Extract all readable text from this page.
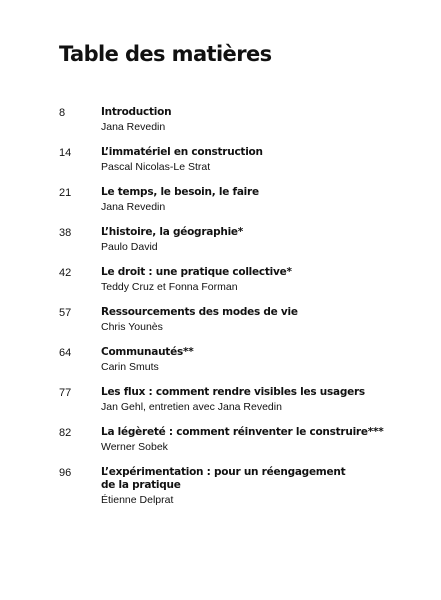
Table des matières
8	Introduction
Jana Revedin
14	L’immatériel en construction
Pascal Nicolas-Le Strat
21	Le temps, le besoin, le faire
Jana Revedin
38	L’histoire, la géographie*
Paulo David
42	Le droit : une pratique collective*
Teddy Cruz et Fonna Forman
57	Ressourcements des modes de vie
Chris Younès
64	Communautés**
Carin Smuts
77	Les flux : comment rendre visibles les usagers
Jan Gehl, entretien avec Jana Revedin
82	La légèreté : comment réinventer le construire***
Werner Sobek
96	L’expérimentation : pour un réengagement
de la pratique
Étienne Delprat
